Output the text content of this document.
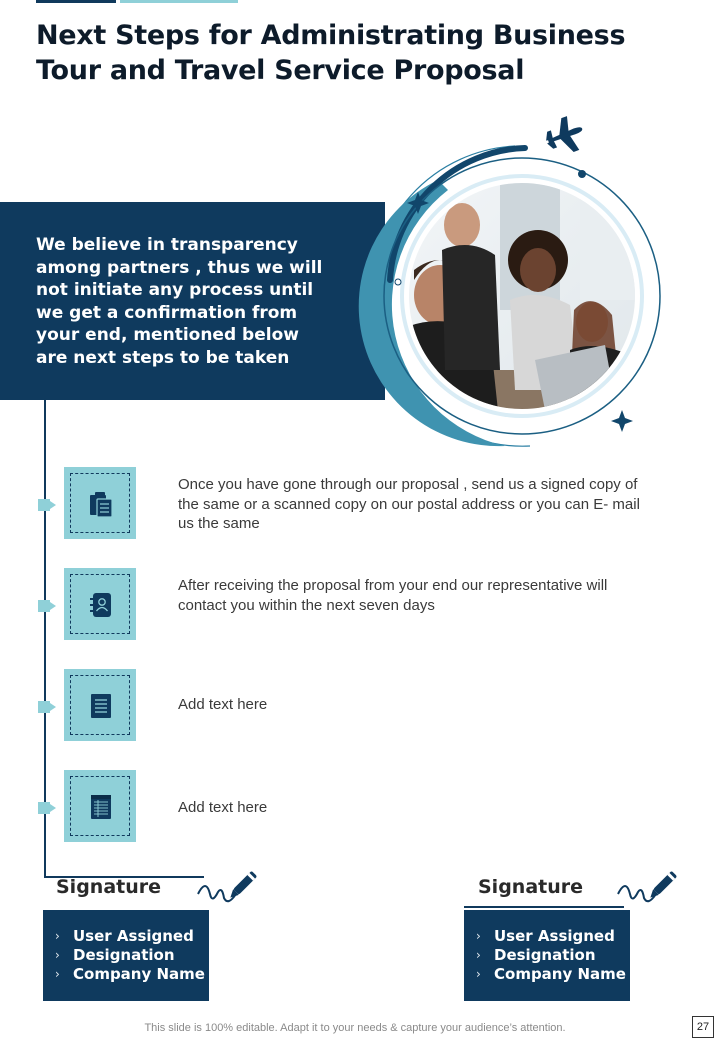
Next Steps for Administrating Business Tour and Travel Service Proposal
We believe in transparency among partners , thus we will not initiate any process until we get a confirmation from your end, mentioned below are next steps to be taken
Once you have gone through our proposal , send us a signed copy of the same or a scanned copy on our postal address or you can E- mail us the same
After receiving the proposal from your end our representative will contact you within the next seven days
Add text here
Add text here
Signature
› User Assigned
› Designation
› Company Name
Signature
› User Assigned
› Designation
› Company Name
This slide is 100% editable. Adapt it to your needs & capture your audience’s attention.	27
